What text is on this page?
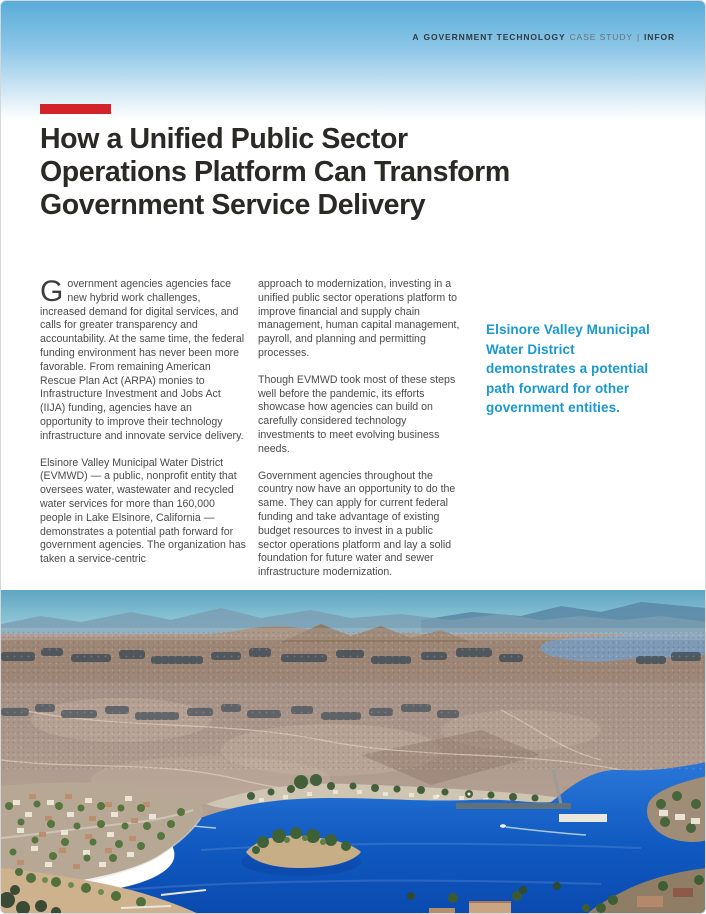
A GOVERNMENT TECHNOLOGY CASE STUDY | INFOR
How a Unified Public Sector
Operations Platform Can Transform
Government Service Delivery

Government agencies agencies face new hybrid work challenges, increased demand for digital services, and calls for greater transparency and accountability. At the same time, the federal funding environment has never been more favorable. From remaining American Rescue Plan Act (ARPA) monies to Infrastructure Investment and Jobs Act (IIJA) funding, agencies have an opportunity to improve their technology infrastructure and innovate service delivery.

Elsinore Valley Municipal Water District (EVMWD) — a public, nonprofit entity that oversees water, wastewater and recycled water services for more than 160,000 people in Lake Elsinore, California — demonstrates a potential path forward for government agencies. The organization has taken a service-centric

approach to modernization, investing in a unified public sector operations platform to improve financial and supply chain management, human capital management, payroll, and planning and permitting processes.

Though EVMWD took most of these steps well before the pandemic, its efforts showcase how agencies can build on carefully considered technology investments to meet evolving business needs.

Government agencies throughout the country now have an opportunity to do the same. They can apply for current federal funding and take advantage of existing budget resources to invest in a public sector operations platform and lay a solid foundation for future water and sewer infrastructure modernization.

Elsinore Valley Municipal Water District demonstrates a potential path forward for other government entities.
